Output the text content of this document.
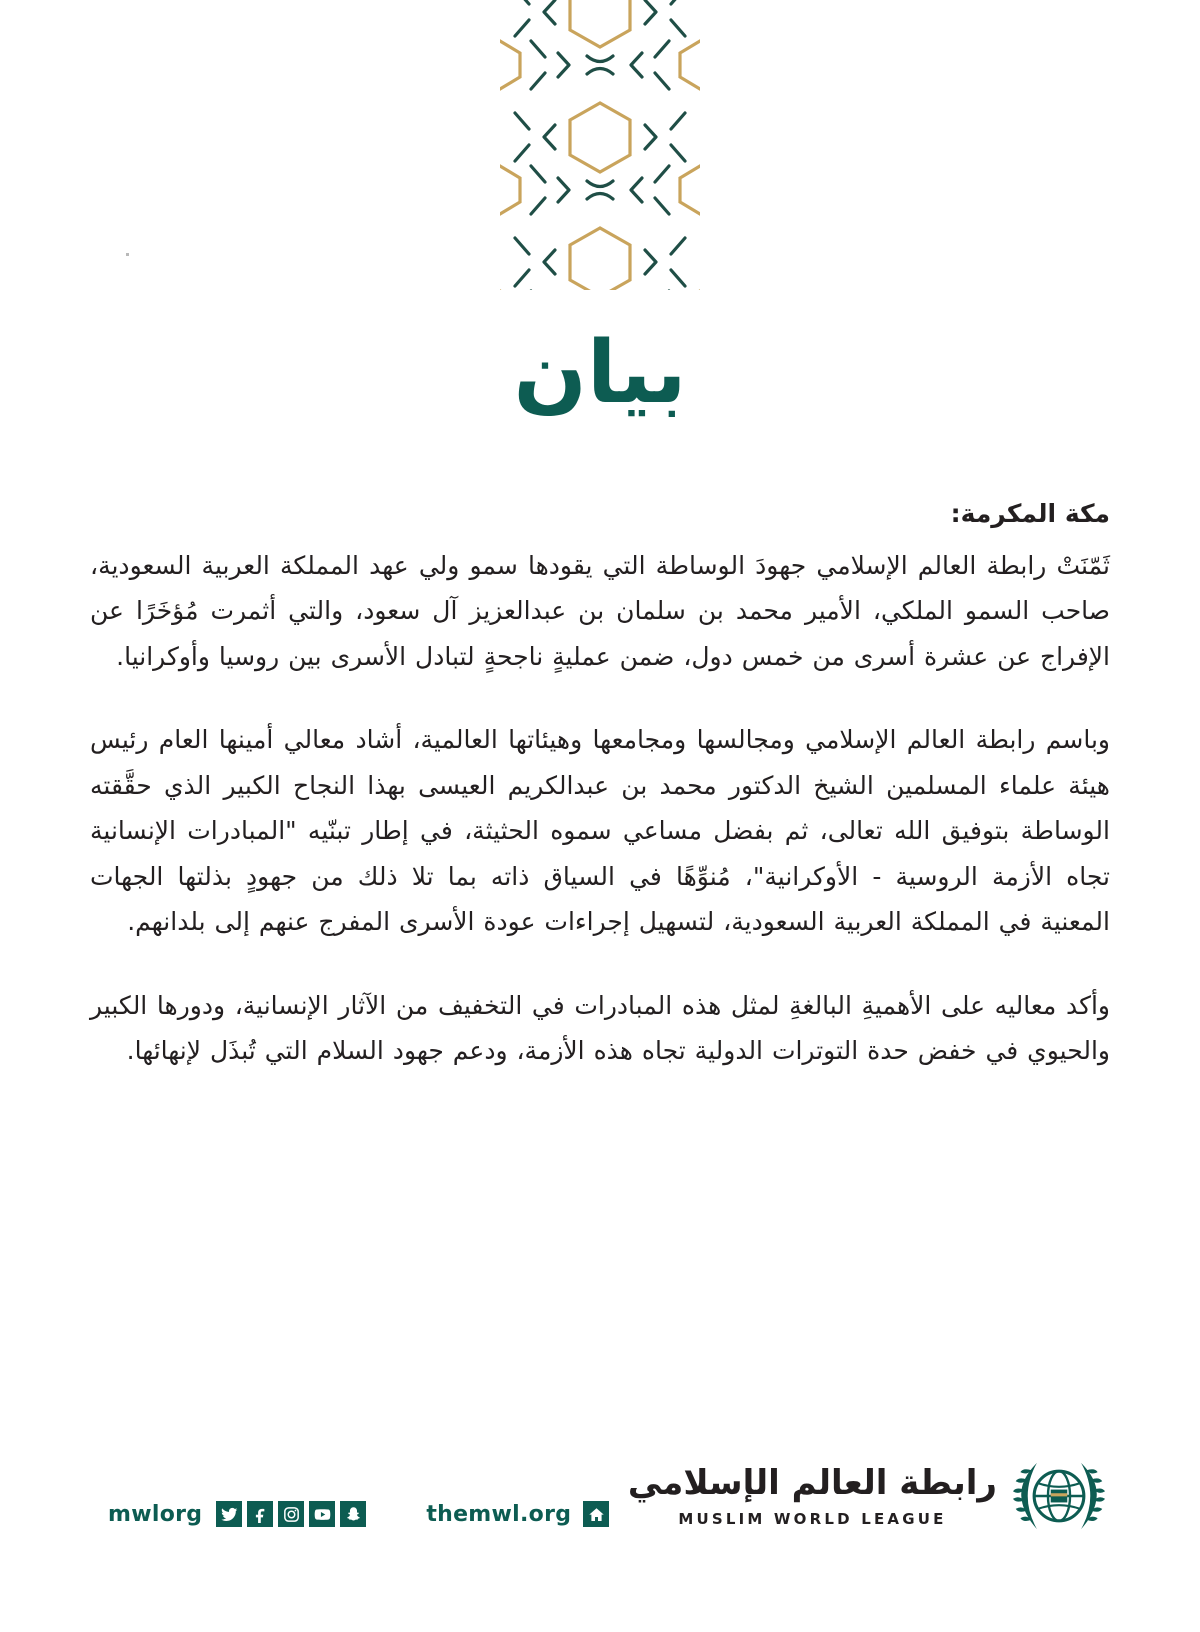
بيان
مكة المكرمة:

ثَمّنَتْ رابطة العالم الإسلامي جهودَ الوساطة التي يقودها سمو ولي عهد المملكة العربية السعودية، صاحب السمو الملكي، الأمير محمد بن سلمان بن عبدالعزيز آل سعود، والتي أثمرت مُؤخَرًا عن الإفراج عن عشرة أسرى من خمس دول، ضمن عمليةٍ ناجحةٍ لتبادل الأسرى بين روسيا وأوكرانيا.

وباسم رابطة العالم الإسلامي ومجالسها ومجامعها وهيئاتها العالمية، أشاد معالي أمينها العام رئيس هيئة علماء المسلمين الشيخ الدكتور محمد بن عبدالكريم العيسى بهذا النجاح الكبير الذي حقَّقته الوساطة بتوفيق الله تعالى، ثم بفضل مساعي سموه الحثيثة، في إطار تبنّيه "المبادرات الإنسانية تجاه الأزمة الروسية - الأوكرانية"، مُنوِّهًا في السياق ذاته بما تلا ذلك من جهودٍ بذلتها الجهات المعنية في المملكة العربية السعودية، لتسهيل إجراءات عودة الأسرى المفرج عنهم إلى بلدانهم.

وأكد معاليه على الأهميةِ البالغةِ لمثل هذه المبادرات في التخفيف من الآثار الإنسانية، ودورها الكبير والحيوي في خفض حدة التوترات الدولية تجاه هذه الأزمة، ودعم جهود السلام التي تُبذَل لإنهائها.

mwlorg	themwl.org
رابطة العالم الإسلامي
MUSLIM WORLD LEAGUE
